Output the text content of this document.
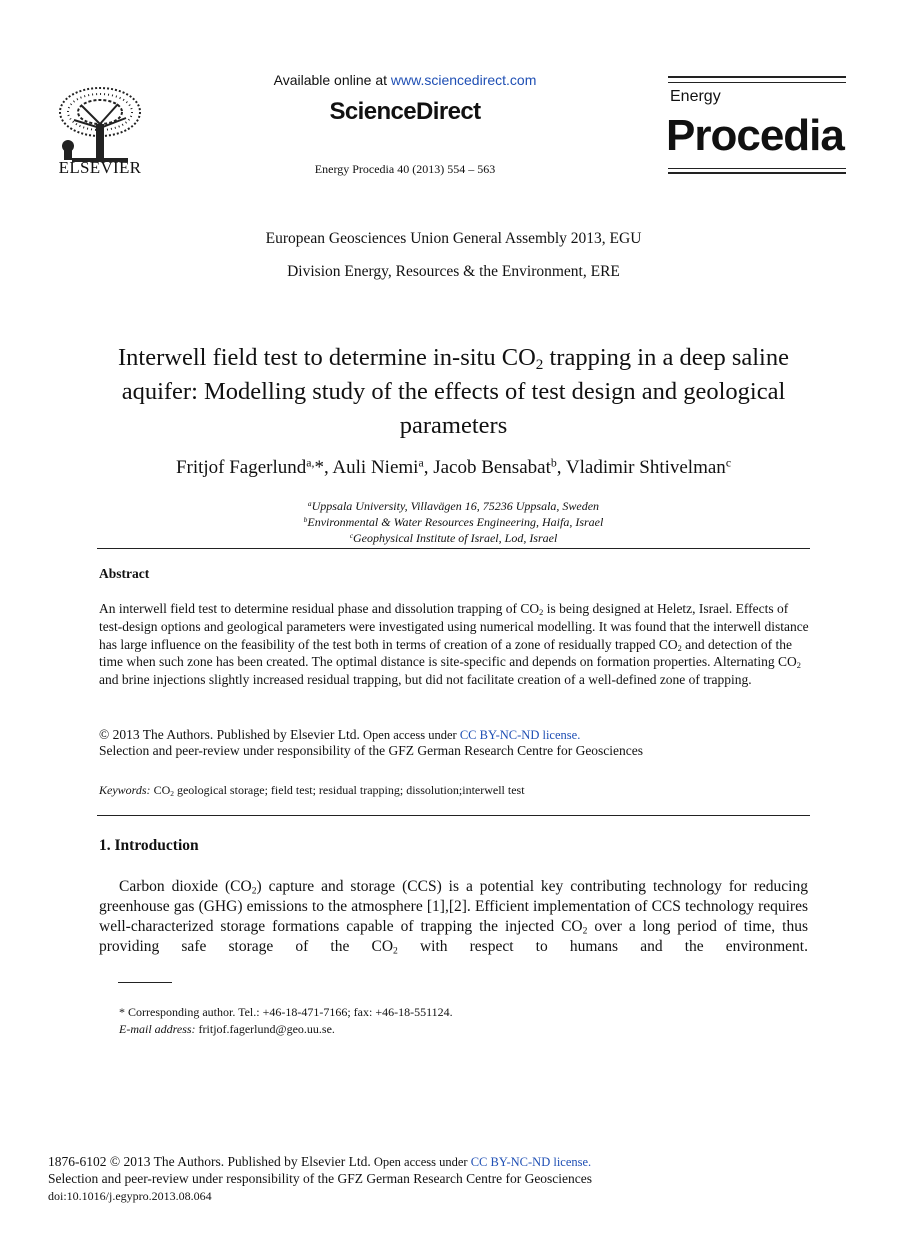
ELSEVIER
Available online at www.sciencedirect.com
ScienceDirect
Energy Procedia 40 (2013) 554 – 563
Energy
Procedia
European Geosciences Union General Assembly 2013, EGU
Division Energy, Resources & the Environment, ERE
Interwell field test to determine in-situ $CO_2$ trapping in a deep saline aquifer: Modelling study of the effects of test design and geological parameters
Fritjof Fagerlund$^{a,}$*, Auli Niemi$^a$, Jacob Bensabat$^b$, Vladimir Shtivelman$^c$
$^a$Uppsala University, Villavägen 16, 75236 Uppsala, Sweden
$^b$Environmental & Water Resources Engineering, Haifa, Israel
$^c$Geophysical Institute of Israel, Lod, Israel
Abstract
An interwell field test to determine residual phase and dissolution trapping of $CO_2$ is being designed at Heletz, Israel. Effects of test-design options and geological parameters were investigated using numerical modelling. It was found that the interwell distance has large influence on the feasibility of the test both in terms of creation of a zone of residually trapped $CO_2$ and detection of the time when such zone has been created. The optimal distance is site-specific and depends on formation properties. Alternating $CO_2$ and brine injections slightly increased residual trapping, but did not facilitate creation of a well-defined zone of trapping.
© 2013 The Authors. Published by Elsevier Ltd. Open access under CC BY-NC-ND license.
Selection and peer-review under responsibility of the GFZ German Research Centre for Geosciences
Keywords: $CO_2$ geological storage; field test; residual trapping; dissolution;interwell test
1. Introduction
Carbon dioxide $(CO_2)$ capture and storage (CCS) is a potential key contributing technology for reducing greenhouse gas (GHG) emissions to the atmosphere [1],[2]. Efficient implementation of CCS technology requires well-characterized storage formations capable of trapping the injected $CO_2$ over a long period of time, thus providing safe storage of the $CO_2$ with respect to humans and the environment.
* Corresponding author. Tel.: +46-18-471-7166; fax: +46-18-551124.
E-mail address: fritjof.fagerlund@geo.uu.se.
1876-6102 © 2013 The Authors. Published by Elsevier Ltd. Open access under CC BY-NC-ND license.
Selection and peer-review under responsibility of the GFZ German Research Centre for Geosciences
doi:10.1016/j.egypro.2013.08.064
